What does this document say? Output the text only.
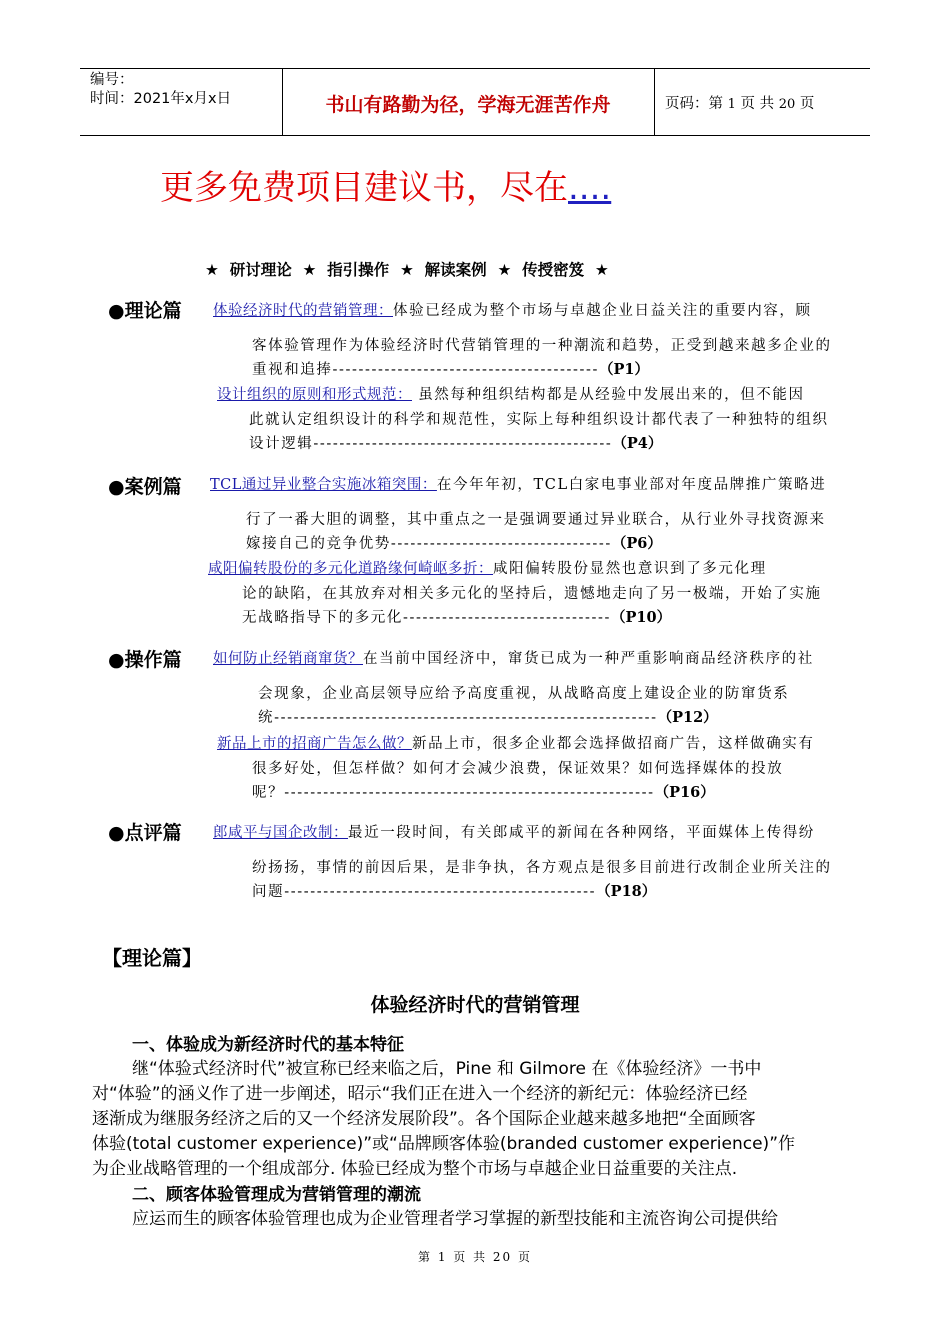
编号：
时间：2021年x月x日	书山有路勤为径，学海无涯苦作舟	页码：第 1 页 共 20 页
更多免费项目建议书，尽在....
★  研讨理论  ★  指引操作  ★  解读案例  ★  传授密笈  ★
●理论篇 体验经济时代的营销管理：体验已经成为整个市场与卓越企业日益关注的重要内容，顾
客体验管理作为体验经济时代营销管理的一种潮流和趋势，正受到越来越多企业的
重视和追捧-----------------------------------------（P1）
设计组织的原则和形式规范： 虽然每种组织结构都是从经验中发展出来的，但不能因
此就认定组织设计的科学和规范性，实际上每种组织设计都代表了一种独特的组织
设计逻辑----------------------------------------------（P4）
●案例篇 TCL通过异业整合实施冰箱突围：在今年年初，TCL白家电事业部对年度品牌推广策略进
行了一番大胆的调整，其中重点之一是强调要通过异业联合，从行业外寻找资源来
嫁接自己的竞争优势----------------------------------（P6）
咸阳偏转股份的多元化道路缘何崎岖多折：咸阳偏转股份显然也意识到了多元化理
论的缺陷，在其放弃对相关多元化的坚持后，遗憾地走向了另一极端，开始了实施
无战略指导下的多元化--------------------------------（P10）
●操作篇 如何防止经销商窜货？在当前中国经济中，窜货已成为一种严重影响商品经济秩序的社
会现象，企业高层领导应给予高度重视，从战略高度上建设企业的防窜货系
统-----------------------------------------------------------（P12）
新品上市的招商广告怎么做？新品上市，很多企业都会选择做招商广告，这样做确实有
很多好处，但怎样做？如何才会减少浪费，保证效果？如何选择媒体的投放
呢？---------------------------------------------------------（P16）
●点评篇 郎咸平与国企改制：最近一段时间，有关郎咸平的新闻在各种网络，平面媒体上传得纷
纷扬扬，事情的前因后果，是非争执，各方观点是很多目前进行改制企业所关注的
问题------------------------------------------------（P18）
【理论篇】
体验经济时代的营销管理
一、体验成为新经济时代的基本特征
继“体验式经济时代”被宣称已经来临之后，Pine 和 Gilmore 在《体验经济》一书中
对“体验”的涵义作了进一步阐述，昭示“我们正在进入一个经济的新纪元：体验经济已经
逐渐成为继服务经济之后的又一个经济发展阶段”。各个国际企业越来越多地把“全面顾客
体验(total customer experience)”或“品牌顾客体验(branded customer experience)”作
为企业战略管理的一个组成部分. 体验已经成为整个市场与卓越企业日益重要的关注点.
二、顾客体验管理成为营销管理的潮流
应运而生的顾客体验管理也成为企业管理者学习掌握的新型技能和主流咨询公司提供给
第 1 页 共 20 页
